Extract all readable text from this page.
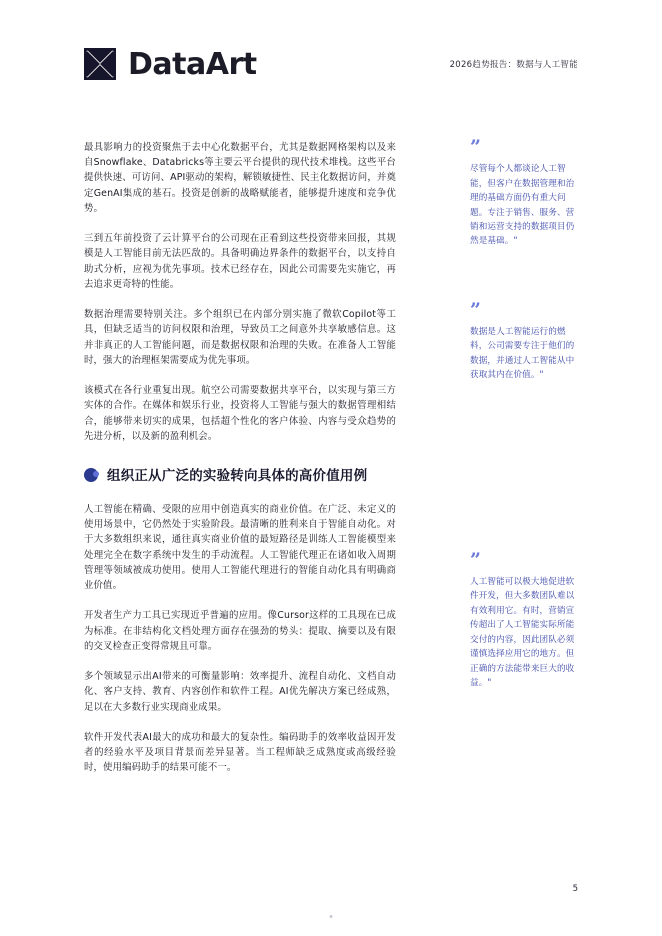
DataArt	2026趋势报告：数据与人工智能

最具影响力的投资聚焦于去中心化数据平台，尤其是数据网格架构以及来自Snowflake、Databricks等主要云平台提供的现代技术堆栈。这些平台提供快速、可访问、API驱动的架构，解锁敏捷性、民主化数据访问，并奠定GenAI集成的基石。投资是创新的战略赋能者，能够提升速度和竞争优势。

三到五年前投资了云计算平台的公司现在正看到这些投资带来回报，其规模是人工智能目前无法匹敌的。具备明确边界条件的数据平台，以支持自助式分析，应视为优先事项。技术已经存在，因此公司需要先实施它，再去追求更奇特的性能。

数据治理需要特别关注。多个组织已在内部分别实施了微软Copilot等工具，但缺乏适当的访问权限和治理，导致员工之间意外共享敏感信息。这并非真正的人工智能问题，而是数据权限和治理的失败。在准备人工智能时，强大的治理框架需要成为优先事项。

该模式在各行业重复出现。航空公司需要数据共享平台，以实现与第三方实体的合作。在媒体和娱乐行业，投资将人工智能与强大的数据管理相结合，能够带来切实的成果，包括超个性化的客户体验、内容与受众趋势的先进分析，以及新的盈利机会。

组织正从广泛的实验转向具体的高价值用例

人工智能在精确、受限的应用中创造真实的商业价值。在广泛、未定义的使用场景中，它仍然处于实验阶段。最清晰的胜利来自于智能自动化。对于大多数组织来说，通往真实商业价值的最短路径是训练人工智能模型来处理完全在数字系统中发生的手动流程。人工智能代理正在诸如收入周期管理等领域被成功使用。使用人工智能代理进行的智能自动化具有明确商业价值。

开发者生产力工具已实现近乎普遍的应用。像Cursor这样的工具现在已成为标准。在非结构化文档处理方面存在强劲的势头：提取、摘要以及有限的交叉检查正变得常规且可靠。

多个领域显示出AI带来的可衡量影响：效率提升、流程自动化、文档自动化、客户支持、教育、内容创作和软件工程。AI优先解决方案已经成熟，足以在大多数行业实现商业成果。

软件开发代表AI最大的成功和最大的复杂性。编码助手的效率收益因开发者的经验水平及项目背景而差异显著。当工程师缺乏成熟度或高级经验时，使用编码助手的结果可能不一。

”
尽管每个人都谈论人工智能，但客户在数据管理和治理的基础方面仍有重大问题。专注于销售、服务、营销和运营支持的数据项目仍然是基础。"
”
数据是人工智能运行的燃料，公司需要专注于他们的数据，并通过人工智能从中获取其内在价值。"
”
人工智能可以极大地促进软件开发，但大多数团队难以有效利用它。有时，营销宣传超出了人工智能实际所能交付的内容，因此团队必须谨慎选择应用它的地方。但正确的方法能带来巨大的收益。"
5
